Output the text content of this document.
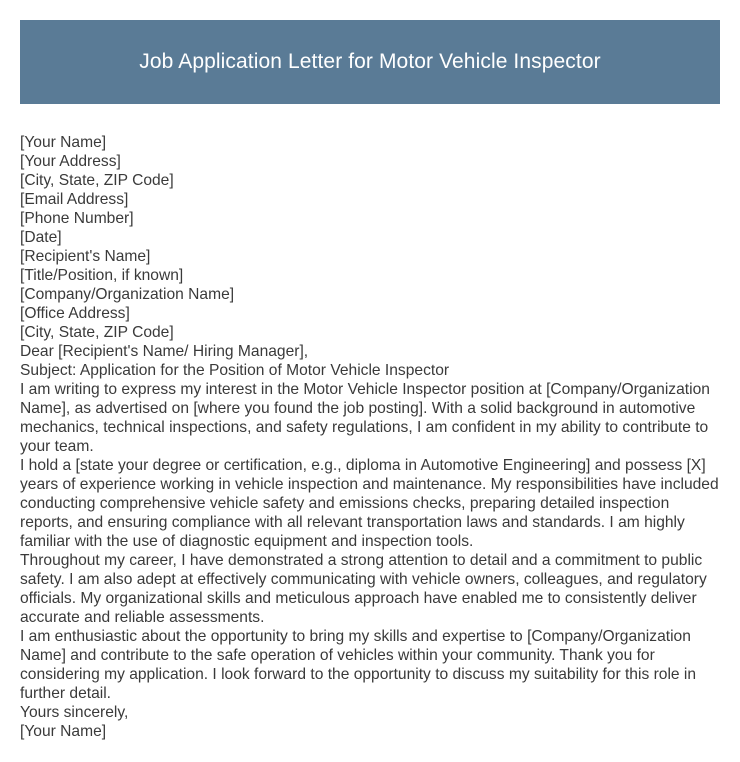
Job Application Letter for Motor Vehicle Inspector

[Your Name]

[Your Address]

[City, State, ZIP Code]

[Email Address]

[Phone Number]

[Date]

[Recipient's Name]

[Title/Position, if known]

[Company/Organization Name]

[Office Address]

[City, State, ZIP Code]

Dear [Recipient's Name/ Hiring Manager],

Subject: Application for the Position of Motor Vehicle Inspector

I am writing to express my interest in the Motor Vehicle Inspector position at [Company/Organization Name], as advertised on [where you found the job posting]. With a solid background in automotive mechanics, technical inspections, and safety regulations, I am confident in my ability to contribute to your team.

I hold a [state your degree or certification, e.g., diploma in Automotive Engineering] and possess [X] years of experience working in vehicle inspection and maintenance. My responsibilities have included conducting comprehensive vehicle safety and emissions checks, preparing detailed inspection reports, and ensuring compliance with all relevant transportation laws and standards. I am highly familiar with the use of diagnostic equipment and inspection tools.

Throughout my career, I have demonstrated a strong attention to detail and a commitment to public safety. I am also adept at effectively communicating with vehicle owners, colleagues, and regulatory officials. My organizational skills and meticulous approach have enabled me to consistently deliver accurate and reliable assessments.

I am enthusiastic about the opportunity to bring my skills and expertise to [Company/Organization Name] and contribute to the safe operation of vehicles within your community. Thank you for considering my application. I look forward to the opportunity to discuss my suitability for this role in further detail.

Yours sincerely,

[Your Name]
